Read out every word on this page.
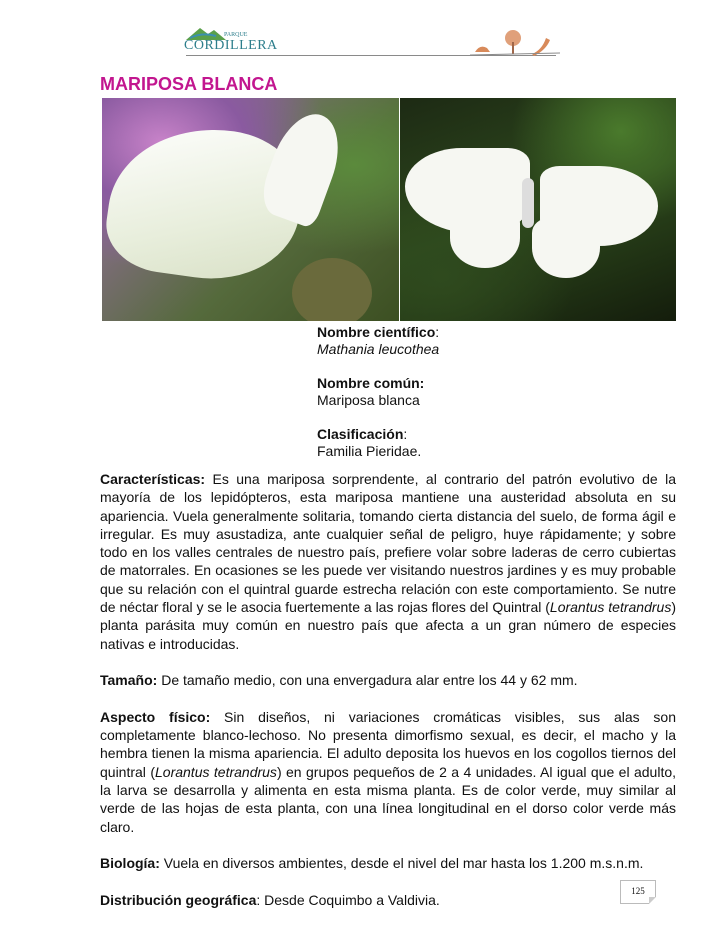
PARQUE
CORDILLERA
MARIPOSA BLANCA
Nombre científico:
Mathania leucothea
Nombre común:
Mariposa blanca
Clasificación:
Familia Pieridae.

Características: Es una mariposa sorprendente, al contrario del patrón evolutivo de la mayoría de los lepidópteros, esta mariposa mantiene una austeridad absoluta en su apariencia. Vuela generalmente solitaria, tomando cierta distancia del suelo, de forma ágil e irregular. Es muy asustadiza, ante cualquier señal de peligro, huye rápidamente; y sobre todo en los valles centrales de nuestro país, prefiere volar sobre laderas de cerro cubiertas de matorrales. En ocasiones se les puede ver visitando nuestros jardines y es muy probable que su relación con el quintral guarde estrecha relación con este comportamiento. Se nutre de néctar floral y se le asocia fuertemente a las rojas flores del Quintral (Lorantus tetrandrus) planta parásita muy común en nuestro país que afecta a un gran número de especies nativas e introducidas.

Tamaño: De tamaño medio, con una envergadura alar entre los 44 y 62 mm.

Aspecto físico: Sin diseños, ni variaciones cromáticas visibles, sus alas son completamente blanco-lechoso. No presenta dimorfismo sexual, es decir, el macho y la hembra tienen la misma apariencia. El adulto deposita los huevos en los cogollos tiernos del quintral (Lorantus tetrandrus) en grupos pequeños de 2 a 4 unidades. Al igual que el adulto, la larva se desarrolla y alimenta en esta misma planta. Es de color verde, muy similar al verde de las hojas de esta planta, con una línea longitudinal en el dorso color verde más claro.

Biología: Vuela en diversos ambientes, desde el nivel del mar hasta los 1.200 m.s.n.m.

Distribución geográfica: Desde Coquimbo a Valdivia.

125
